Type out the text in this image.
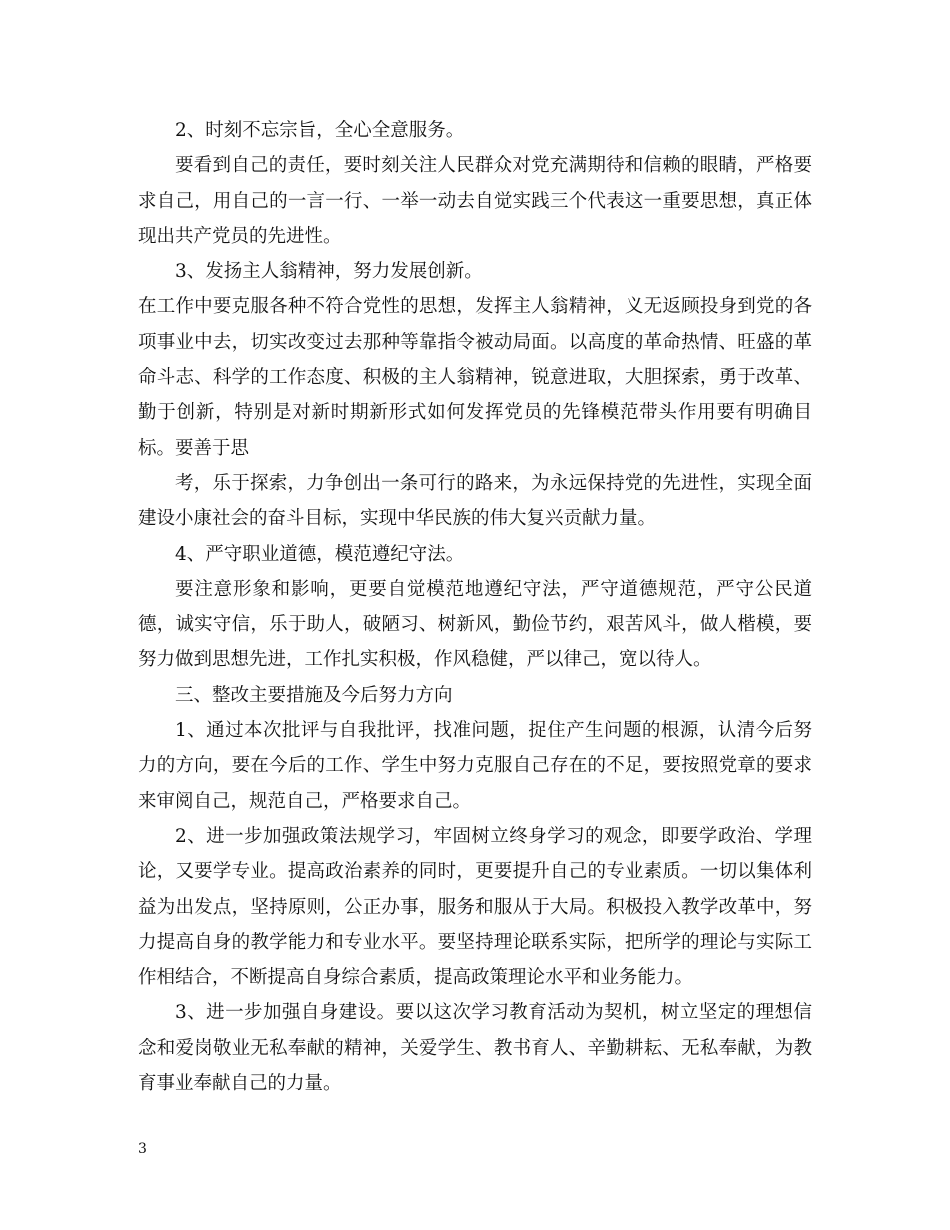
2、时刻不忘宗旨，全心全意服务。

要看到自己的责任，要时刻关注人民群众对党充满期待和信赖的眼睛，严格要求自己，用自己的一言一行、一举一动去自觉实践三个代表这一重要思想，真正体现出共产党员的先进性。

3、发扬主人翁精神，努力发展创新。

在工作中要克服各种不符合党性的思想，发挥主人翁精神，义无返顾投身到党的各项事业中去，切实改变过去那种等靠指令被动局面。以高度的革命热情、旺盛的革命斗志、科学的工作态度、积极的主人翁精神，锐意进取，大胆探索，勇于改革、勤于创新，特别是对新时期新形式如何发挥党员的先锋模范带头作用要有明确目标。要善于思

考，乐于探索，力争创出一条可行的路来，为永远保持党的先进性，实现全面建设小康社会的奋斗目标，实现中华民族的伟大复兴贡献力量。

4、严守职业道德，模范遵纪守法。

要注意形象和影响，更要自觉模范地遵纪守法，严守道德规范，严守公民道德，诚实守信，乐于助人，破陋习、树新风，勤俭节约，艰苦风斗，做人楷模，要努力做到思想先进，工作扎实积极，作风稳健，严以律己，宽以待人。

三、整改主要措施及今后努力方向

1、通过本次批评与自我批评，找准问题，捉住产生问题的根源，认清今后努力的方向，要在今后的工作、学生中努力克服自己存在的不足，要按照党章的要求来审阅自己，规范自己，严格要求自己。

2、进一步加强政策法规学习，牢固树立终身学习的观念，即要学政治、学理论，又要学专业。提高政治素养的同时，更要提升自己的专业素质。一切以集体利益为出发点，坚持原则，公正办事，服务和服从于大局。积极投入教学改革中，努力提高自身的教学能力和专业水平。要坚持理论联系实际，把所学的理论与实际工作相结合，不断提高自身综合素质，提高政策理论水平和业务能力。

3、进一步加强自身建设。要以这次学习教育活动为契机，树立坚定的理想信念和爱岗敬业无私奉献的精神，关爱学生、教书育人、辛勤耕耘、无私奉献，为教育事业奉献自己的力量。

3
